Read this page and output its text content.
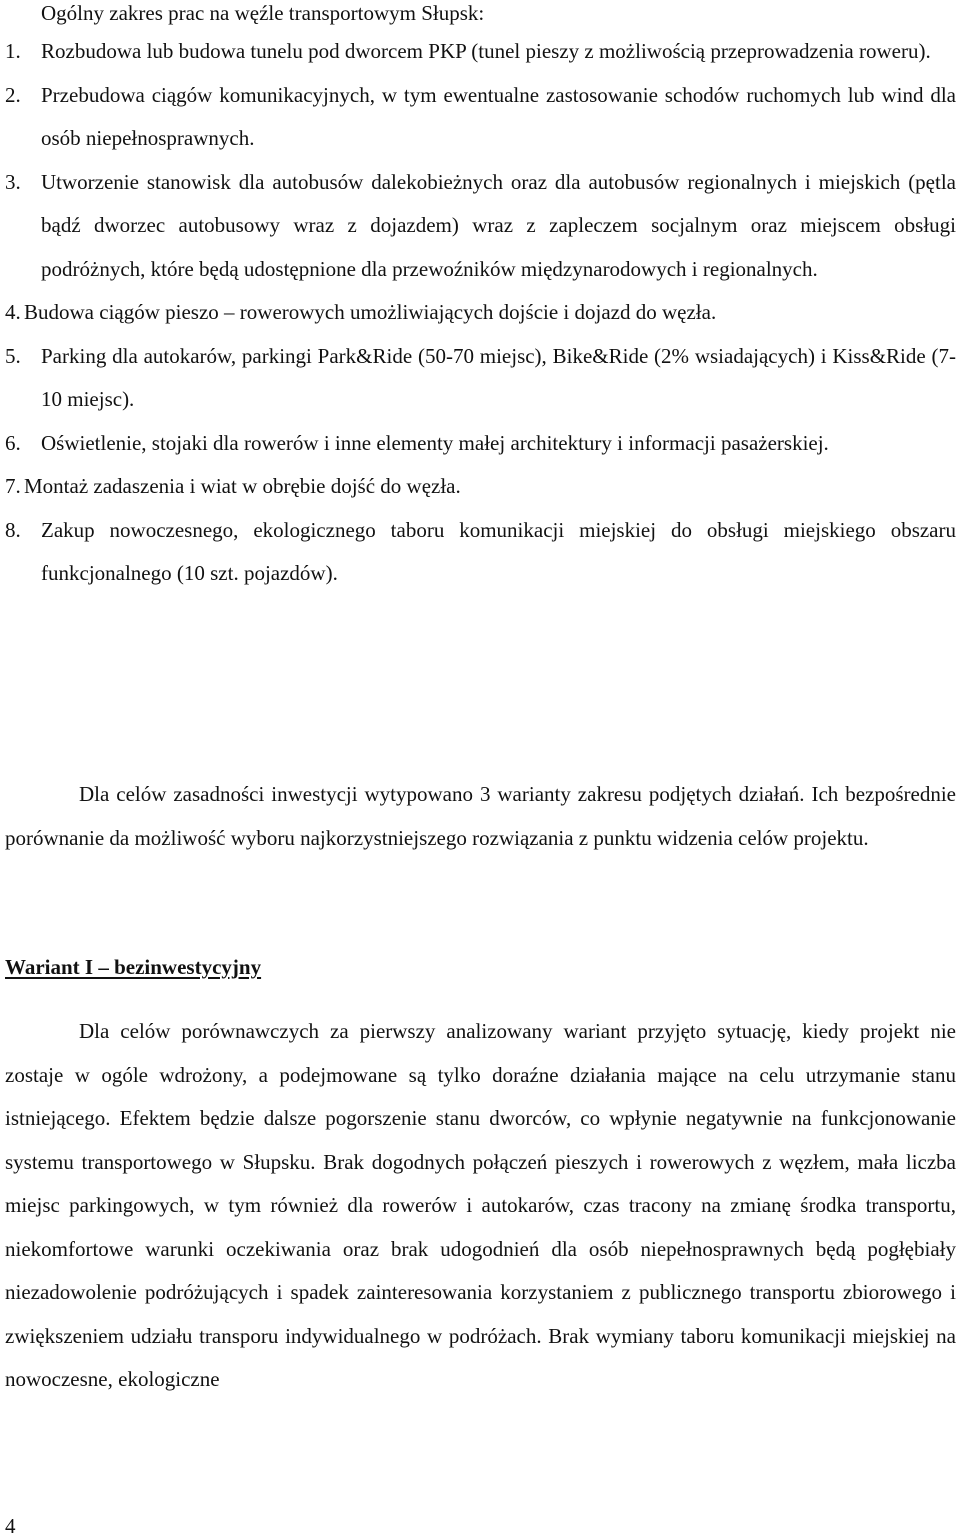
Ogólny zakres prac na węźle transportowym Słupsk:

1. Rozbudowa lub budowa tunelu pod dworcem PKP (tunel pieszy z możliwością przeprowadzenia roweru).
2. Przebudowa ciągów komunikacyjnych, w tym ewentualne zastosowanie schodów ruchomych lub wind dla osób niepełnosprawnych.
3. Utworzenie stanowisk dla autobusów dalekobieżnych oraz dla autobusów regionalnych i miejskich (pętla bądź dworzec autobusowy wraz z dojazdem) wraz z zapleczem socjalnym oraz miejscem obsługi podróżnych, które będą udostępnione dla przewoźników międzynarodowych i regionalnych.
4. Budowa ciągów pieszo – rowerowych umożliwiających dojście i dojazd do węzła.
5. Parking dla autokarów, parkingi Park&Ride (50-70 miejsc), Bike&Ride (2% wsiadających) i Kiss&Ride (7-10 miejsc).
6. Oświetlenie, stojaki dla rowerów i inne elementy małej architektury i informacji pasażerskiej.
7. Montaż zadaszenia i wiat w obrębie dojść do węzła.
8. Zakup nowoczesnego, ekologicznego taboru komunikacji miejskiej do obsługi miejskiego obszaru funkcjonalnego (10 szt. pojazdów).

Dla celów zasadności inwestycji wytypowano 3 warianty zakresu podjętych działań. Ich bezpośrednie porównanie da możliwość wyboru najkorzystniejszego rozwiązania z punktu widzenia celów projektu.

Wariant I – bezinwestycyjny

Dla celów porównawczych za pierwszy analizowany wariant przyjęto sytuację, kiedy projekt nie zostaje w ogóle wdrożony, a podejmowane są tylko doraźne działania mające na celu utrzymanie stanu istniejącego. Efektem będzie dalsze pogorszenie stanu dworców, co wpłynie negatywnie na funkcjonowanie systemu transportowego w Słupsku. Brak dogodnych połączeń pieszych i rowerowych z węzłem, mała liczba miejsc parkingowych, w tym również dla rowerów i autokarów, czas tracony na zmianę środka transportu, niekomfortowe warunki oczekiwania oraz brak udogodnień dla osób niepełnosprawnych będą pogłębiały niezadowolenie podróżujących i spadek zainteresowania korzystaniem z publicznego transportu zbiorowego i zwiększeniem udziału transporu indywidualnego w podróżach. Brak wymiany taboru komunikacji miejskiej na nowoczesne, ekologiczne

4
